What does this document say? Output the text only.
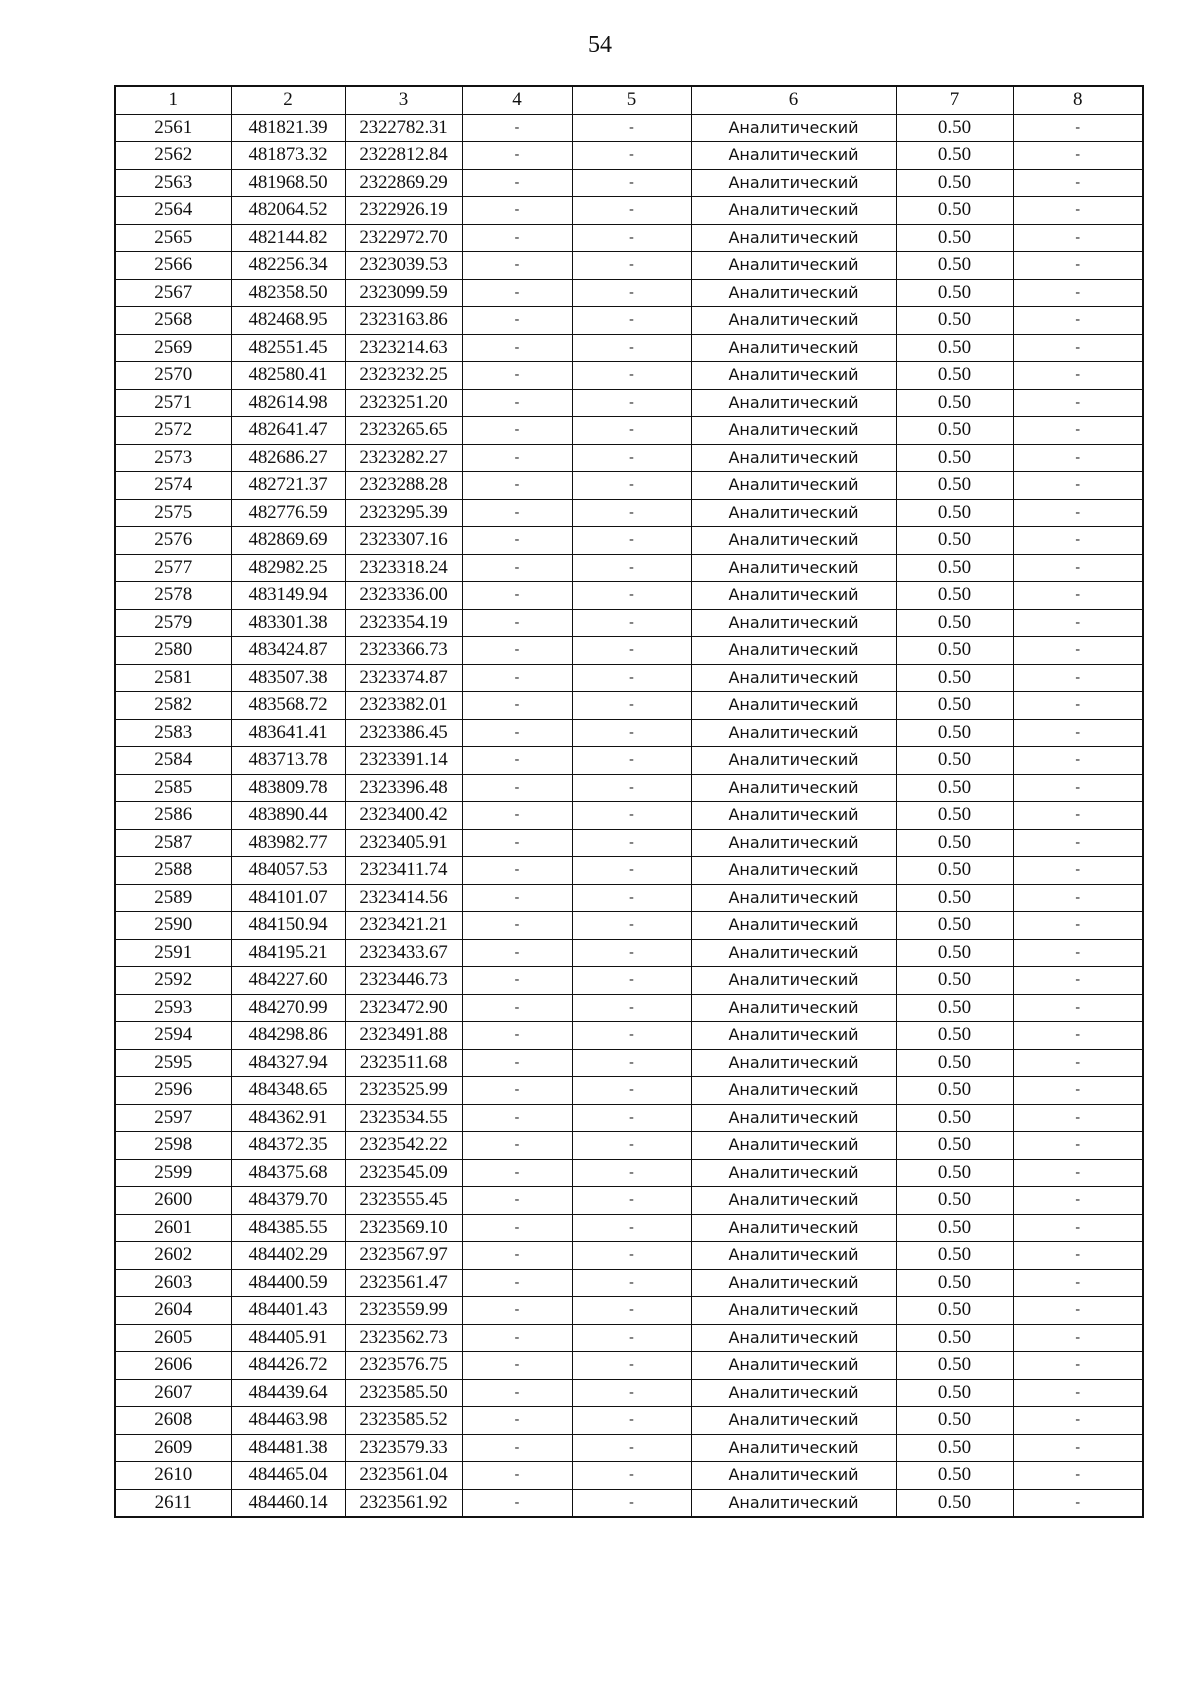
54
1	2	3	4	5	6	7	8
2561	481821.39	2322782.31	-	-	Аналитический	0.50	-
2562	481873.32	2322812.84	-	-	Аналитический	0.50	-
2563	481968.50	2322869.29	-	-	Аналитический	0.50	-
2564	482064.52	2322926.19	-	-	Аналитический	0.50	-
2565	482144.82	2322972.70	-	-	Аналитический	0.50	-
2566	482256.34	2323039.53	-	-	Аналитический	0.50	-
2567	482358.50	2323099.59	-	-	Аналитический	0.50	-
2568	482468.95	2323163.86	-	-	Аналитический	0.50	-
2569	482551.45	2323214.63	-	-	Аналитический	0.50	-
2570	482580.41	2323232.25	-	-	Аналитический	0.50	-
2571	482614.98	2323251.20	-	-	Аналитический	0.50	-
2572	482641.47	2323265.65	-	-	Аналитический	0.50	-
2573	482686.27	2323282.27	-	-	Аналитический	0.50	-
2574	482721.37	2323288.28	-	-	Аналитический	0.50	-
2575	482776.59	2323295.39	-	-	Аналитический	0.50	-
2576	482869.69	2323307.16	-	-	Аналитический	0.50	-
2577	482982.25	2323318.24	-	-	Аналитический	0.50	-
2578	483149.94	2323336.00	-	-	Аналитический	0.50	-
2579	483301.38	2323354.19	-	-	Аналитический	0.50	-
2580	483424.87	2323366.73	-	-	Аналитический	0.50	-
2581	483507.38	2323374.87	-	-	Аналитический	0.50	-
2582	483568.72	2323382.01	-	-	Аналитический	0.50	-
2583	483641.41	2323386.45	-	-	Аналитический	0.50	-
2584	483713.78	2323391.14	-	-	Аналитический	0.50	-
2585	483809.78	2323396.48	-	-	Аналитический	0.50	-
2586	483890.44	2323400.42	-	-	Аналитический	0.50	-
2587	483982.77	2323405.91	-	-	Аналитический	0.50	-
2588	484057.53	2323411.74	-	-	Аналитический	0.50	-
2589	484101.07	2323414.56	-	-	Аналитический	0.50	-
2590	484150.94	2323421.21	-	-	Аналитический	0.50	-
2591	484195.21	2323433.67	-	-	Аналитический	0.50	-
2592	484227.60	2323446.73	-	-	Аналитический	0.50	-
2593	484270.99	2323472.90	-	-	Аналитический	0.50	-
2594	484298.86	2323491.88	-	-	Аналитический	0.50	-
2595	484327.94	2323511.68	-	-	Аналитический	0.50	-
2596	484348.65	2323525.99	-	-	Аналитический	0.50	-
2597	484362.91	2323534.55	-	-	Аналитический	0.50	-
2598	484372.35	2323542.22	-	-	Аналитический	0.50	-
2599	484375.68	2323545.09	-	-	Аналитический	0.50	-
2600	484379.70	2323555.45	-	-	Аналитический	0.50	-
2601	484385.55	2323569.10	-	-	Аналитический	0.50	-
2602	484402.29	2323567.97	-	-	Аналитический	0.50	-
2603	484400.59	2323561.47	-	-	Аналитический	0.50	-
2604	484401.43	2323559.99	-	-	Аналитический	0.50	-
2605	484405.91	2323562.73	-	-	Аналитический	0.50	-
2606	484426.72	2323576.75	-	-	Аналитический	0.50	-
2607	484439.64	2323585.50	-	-	Аналитический	0.50	-
2608	484463.98	2323585.52	-	-	Аналитический	0.50	-
2609	484481.38	2323579.33	-	-	Аналитический	0.50	-
2610	484465.04	2323561.04	-	-	Аналитический	0.50	-
2611	484460.14	2323561.92	-	-	Аналитический	0.50	-
